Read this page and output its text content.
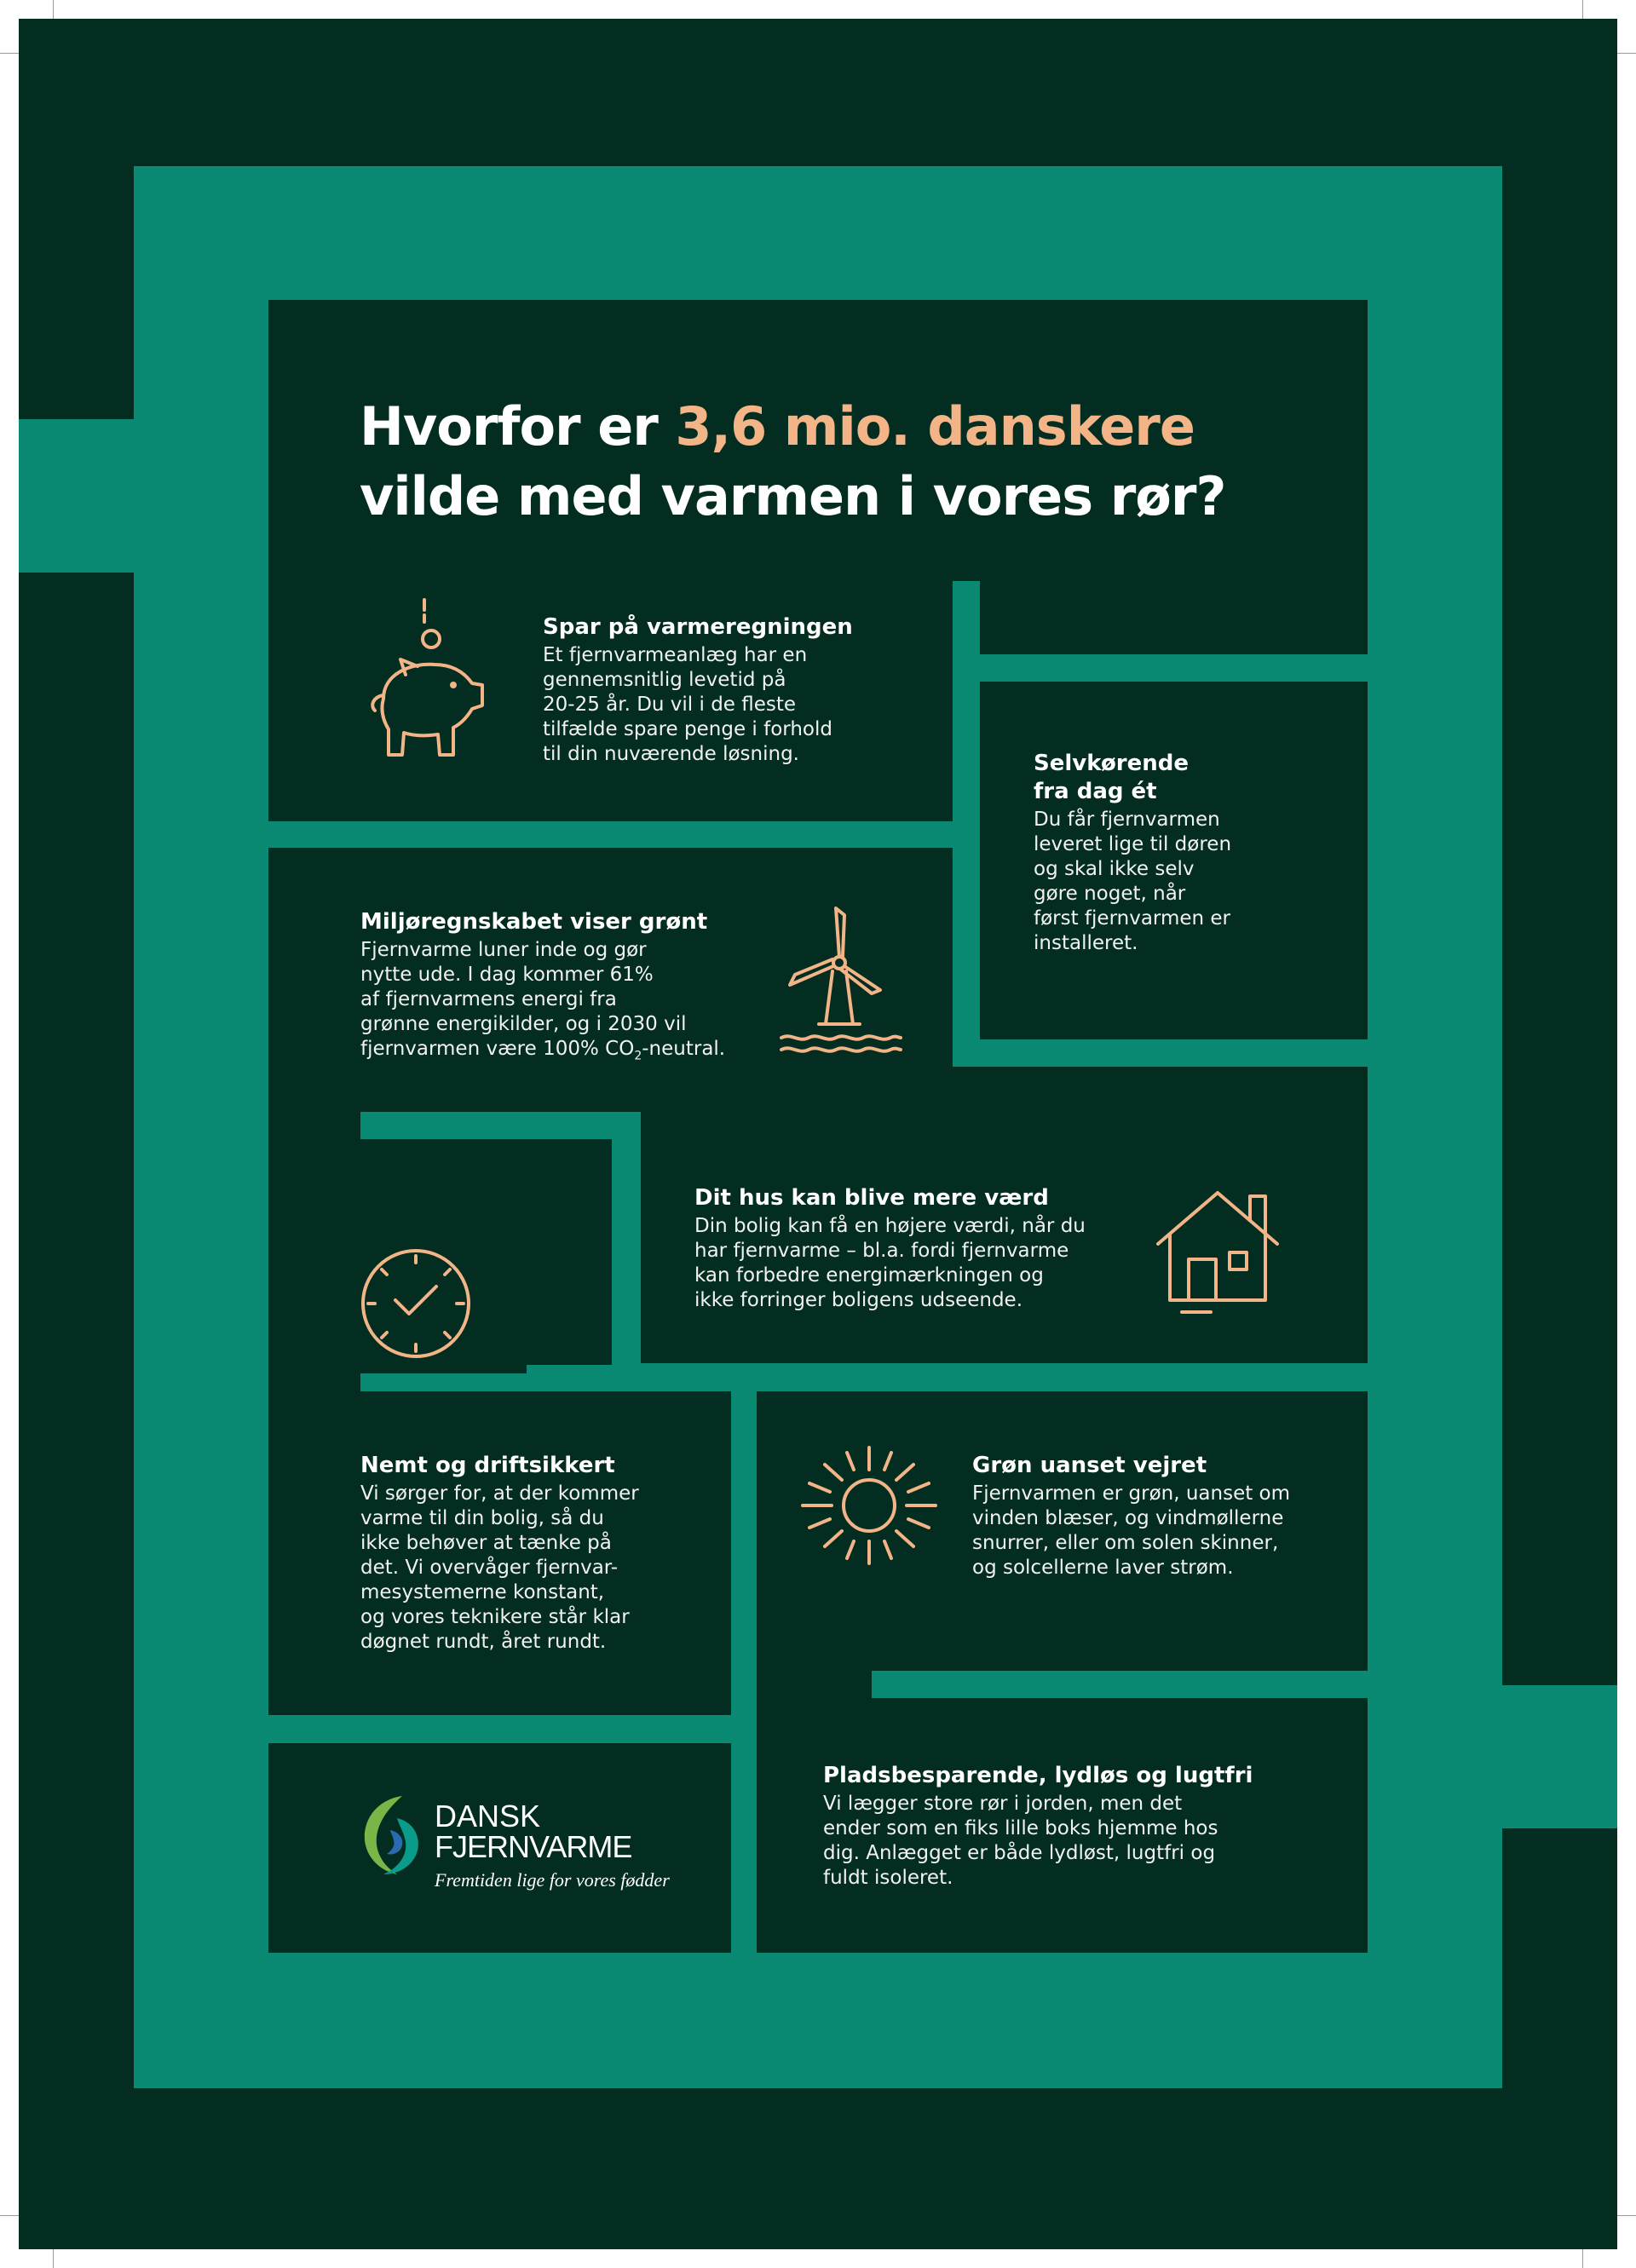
Hvorfor er 3,6 mio. danskere
vilde med varmen i vores rør?

Spar på varmeregningen

Et fjernvarmeanlæg har en
gennemsnitlig levetid på
20-25 år. Du vil i de fleste
tilfælde spare penge i forhold
til din nuværende løsning.	Selvkørende
fra dag ét

Du får fjernvarmen
leveret lige til døren
og skal ikke selv
gøre noget, når
først fjernvarmen er
installeret.

Miljøregnskabet viser grønt

Fjernvarme luner inde og gør
nytte ude. I dag kommer 61%
af fjernvarmens energi fra
grønne energikilder, og i 2030 vil
fjernvarmen være 100% $CO_2$-neutral.

Dit hus kan blive mere værd

Din bolig kan få en højere værdi, når du
har fjernvarme – bl.a. fordi fjernvarme
kan forbedre energimærkningen og
ikke forringer boligens udseende.

Nemt og driftsikkert

Vi sørger for, at der kommer
varme til din bolig, så du
ikke behøver at tænke på
det. Vi overvåger fjernvar-
mesystemerne konstant,
og vores teknikere står klar
døgnet rundt, året rundt.

Grøn uanset vejret

Fjernvarmen er grøn, uanset om
vinden blæser, og vindmøllerne
snurrer, eller om solen skinner,
og solcellerne laver strøm.

Pladsbesparende, lydløs og lugtfri

Vi lægger store rør i jorden, men det
ender som en fiks lille boks hjemme hos
dig. Anlægget er både lydløst, lugtfri og
fuldt isoleret.

DANSK
FJERNVARME
Fremtiden lige for vores fødder
